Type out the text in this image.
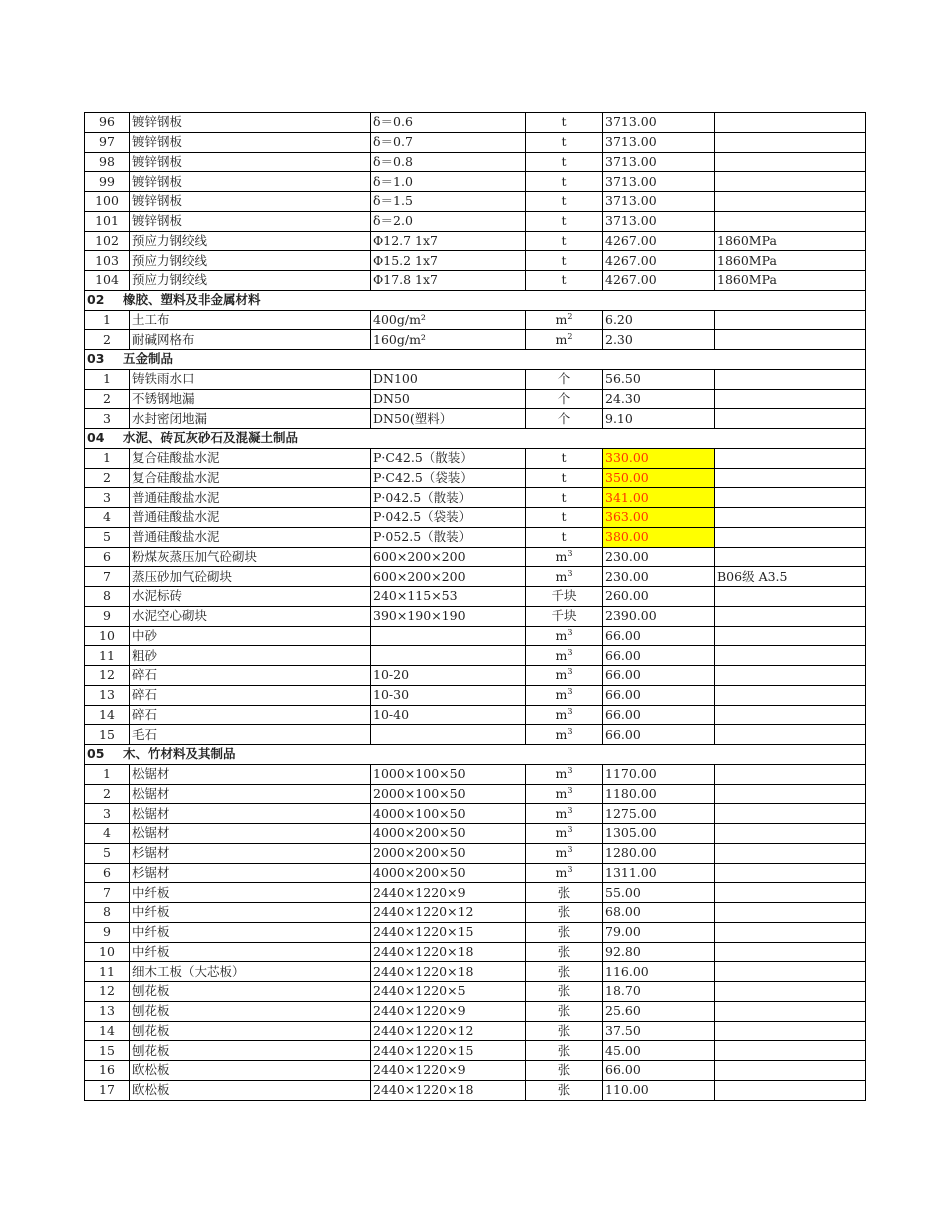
96	镀锌钢板	δ＝0.6	t	3713.00	
97	镀锌钢板	δ＝0.7	t	3713.00	
98	镀锌钢板	δ＝0.8	t	3713.00	
99	镀锌钢板	δ＝1.0	t	3713.00	
100	镀锌钢板	δ＝1.5	t	3713.00	
101	镀锌钢板	δ＝2.0	t	3713.00	
102	预应力钢绞线	Φ12.7 1x7	t	4267.00	1860MPa
103	预应力钢绞线	Φ15.2 1x7	t	4267.00	1860MPa
104	预应力钢绞线	Φ17.8 1x7	t	4267.00	1860MPa
02 橡胶、塑料及非金属材料					
1	土工布	400g/m²	$m^2$	6.20	
2	耐碱网格布	160g/m²	$m^2$	2.30	
03 五金制品					
1	铸铁雨水口	DN100	个	56.50	
2	不锈钢地漏	DN50	个	24.30	
3	水封密闭地漏	DN50(塑料）	个	9.10	
04 水泥、砖瓦灰砂石及混凝土制品					
1	复合硅酸盐水泥	P·C42.5（散装）	t	330.00	
2	复合硅酸盐水泥	P·C42.5（袋装）	t	350.00	
3	普通硅酸盐水泥	P·042.5（散装）	t	341.00	
4	普通硅酸盐水泥	P·042.5（袋装）	t	363.00	
5	普通硅酸盐水泥	P·052.5（散装）	t	380.00	
6	粉煤灰蒸压加气砼砌块	600×200×200	$m^3$	230.00	
7	蒸压砂加气砼砌块	600×200×200	$m^3$	230.00	B06级 A3.5
8	水泥标砖	240×115×53	千块	260.00	
9	水泥空心砌块	390×190×190	千块	2390.00	
10	中砂		$m^3$	66.00	
11	粗砂		$m^3$	66.00	
12	碎石	10-20	$m^3$	66.00	
13	碎石	10-30	$m^3$	66.00	
14	碎石	10-40	$m^3$	66.00	
15	毛石		$m^3$	66.00	
05 木、竹材料及其制品					
1	松锯材	1000×100×50	$m^3$	1170.00	
2	松锯材	2000×100×50	$m^3$	1180.00	
3	松锯材	4000×100×50	$m^3$	1275.00	
4	松锯材	4000×200×50	$m^3$	1305.00	
5	杉锯材	2000×200×50	$m^3$	1280.00	
6	杉锯材	4000×200×50	$m^3$	1311.00	
7	中纤板	2440×1220×9	张	55.00	
8	中纤板	2440×1220×12	张	68.00	
9	中纤板	2440×1220×15	张	79.00	
10	中纤板	2440×1220×18	张	92.80	
11	细木工板（大芯板）	2440×1220×18	张	116.00	
12	刨花板	2440×1220×5	张	18.70	
13	刨花板	2440×1220×9	张	25.60	
14	刨花板	2440×1220×12	张	37.50	
15	刨花板	2440×1220×15	张	45.00	
16	欧松板	2440×1220×9	张	66.00	
17	欧松板	2440×1220×18	张	110.00	
